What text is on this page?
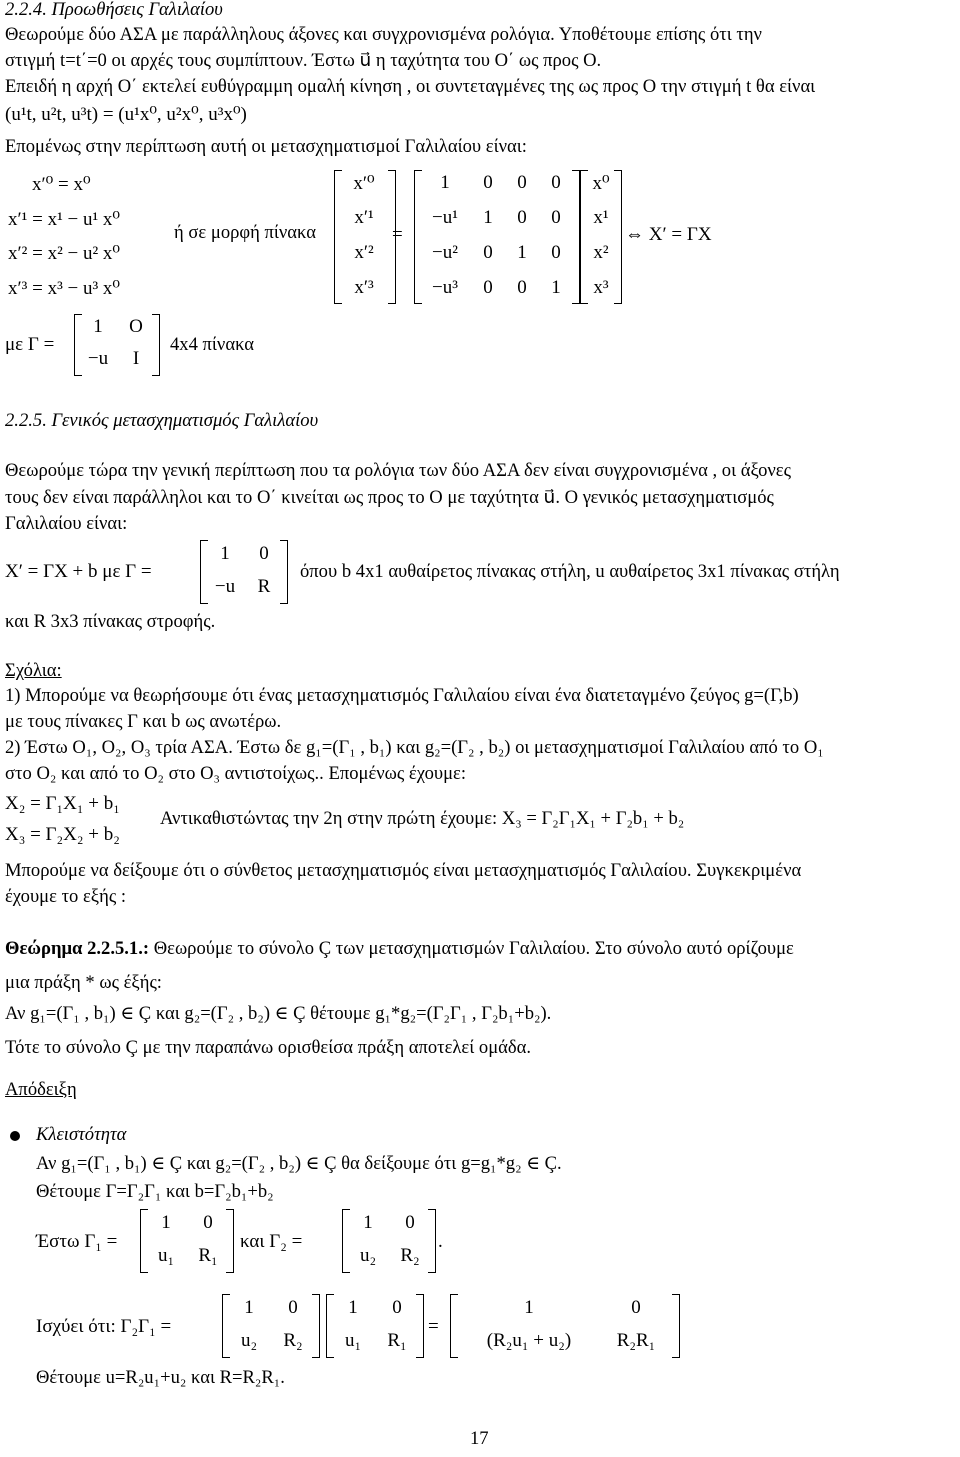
2.2.4. Προωθήσεις Γαλιλαίου
Θεωρούμε δύο ΑΣΑ με παράλληλους άξονες και συγχρονισμένα ρολόγια. Υποθέτουμε επίσης ότι την
στιγμή t=t΄=0 οι αρχές τους συμπίπτουν. Έστω u⃗ η ταχύτητα του O΄ ως προς Ο.
Επειδή η αρχή O΄ εκτελεί ευθύγραμμη ομαλή κίνηση , οι συντεταγμένες της ως προς Ο την στιγμή t θα είναι
(u¹t, u²t, u³t) = (u¹x⁰, u²x⁰, u³x⁰)
Επομένως στην περίπτωση αυτή οι μετασχηματισμοί Γαλιλαίου είναι:
x′⁰ = x⁰
x′¹ = x¹ − u¹ x⁰
x′² = x² − u² x⁰
x′³ = x³ − u³ x⁰
ή σε μορφή πίνακα
x′⁰
x′¹
x′²
x′³
=
1	0	0	0
−u¹	1	0	0
−u²	0	1	0
−u³	0	0	1
x⁰
x¹
x²
x³
⇔ X′ = ΓX
με Γ =
1	O
−u	I
4x4 πίνακα
2.2.5. Γενικός μετασχηματισμός Γαλιλαίου
Θεωρούμε τώρα την γενική περίπτωση που τα ρολόγια των δύο ΑΣΑ δεν είναι συγχρονισμένα , οι άξονες
τους δεν είναι παράλληλοι και το O΄ κινείται ως προς το Ο με ταχύτητα u⃗. Ο γενικός μετασχηματισμός
Γαλιλαίου είναι:
X′ = ΓX + b με Γ =
1	0
−u	R
όπου b 4x1 αυθαίρετος πίνακας στήλη, u αυθαίρετος 3x1 πίνακας στήλη
και R 3x3 πίνακας στροφής.
Σχόλια:
1) Μπορούμε να θεωρήσουμε ότι ένας μετασχηματισμός Γαλιλαίου είναι ένα διατεταγμένο ζεύγος g=(Γ,b)
με τους πίνακες Γ και b ως ανωτέρω.
2) Έστω O₁, O₂, O₃ τρία ΑΣΑ. Έστω δε g₁=(Γ₁ , b₁) και g₂=(Γ₂ , b₂) οι μετασχηματισμοί Γαλιλαίου από το O₁
στο O₂ και από το O₂ στο O₃ αντιστοίχως.. Επομένως έχουμε:
X₂ = Γ₁X₁ + b₁
X₃ = Γ₂X₂ + b₂
Αντικαθιστώντας την 2η στην πρώτη έχουμε: X₃ = Γ₂Γ₁X₁ + Γ₂b₁ + b₂
Μπορούμε να δείξουμε ότι ο σύνθετος μετασχηματισμός είναι μετασχηματισμός Γαλιλαίου. Συγκεκριμένα
έχουμε το εξής :
Θεώρημα 2.2.5.1.: Θεωρούμε το σύνολο Ç των μετασχηματισμών Γαλιλαίου. Στο σύνολο αυτό ορίζουμε
μια πράξη * ως έξής:
Αν g₁=(Γ₁ , b₁) ∈ Ç και g₂=(Γ₂ , b₂) ∈ Ç θέτουμε g₁*g₂=(Γ₂Γ₁ , Γ₂b₁+b₂).
Τότε το σύνολο Ç με την παραπάνω ορισθείσα πράξη αποτελεί ομάδα.
Απόδειξη
Κλειστότητα
Αν g₁=(Γ₁ , b₁) ∈ Ç και g₂=(Γ₂ , b₂) ∈ Ç θα δείξουμε ότι g=g₁*g₂ ∈ Ç.
Θέτουμε Γ=Γ₂Γ₁ και b=Γ₂b₁+b₂
Έστω Γ₁ =
1	0
u₁	R₁
και Γ₂ =
1	0
u₂	R₂
.
Ισχύει ότι: Γ₂Γ₁ =
1	0
u₂	R₂
1	0
u₁	R₁
=
1	0
(R₂u₁ + u₂)	R₂R₁
Θέτουμε u=R₂u₁+u₂ και R=R₂R₁.
17
